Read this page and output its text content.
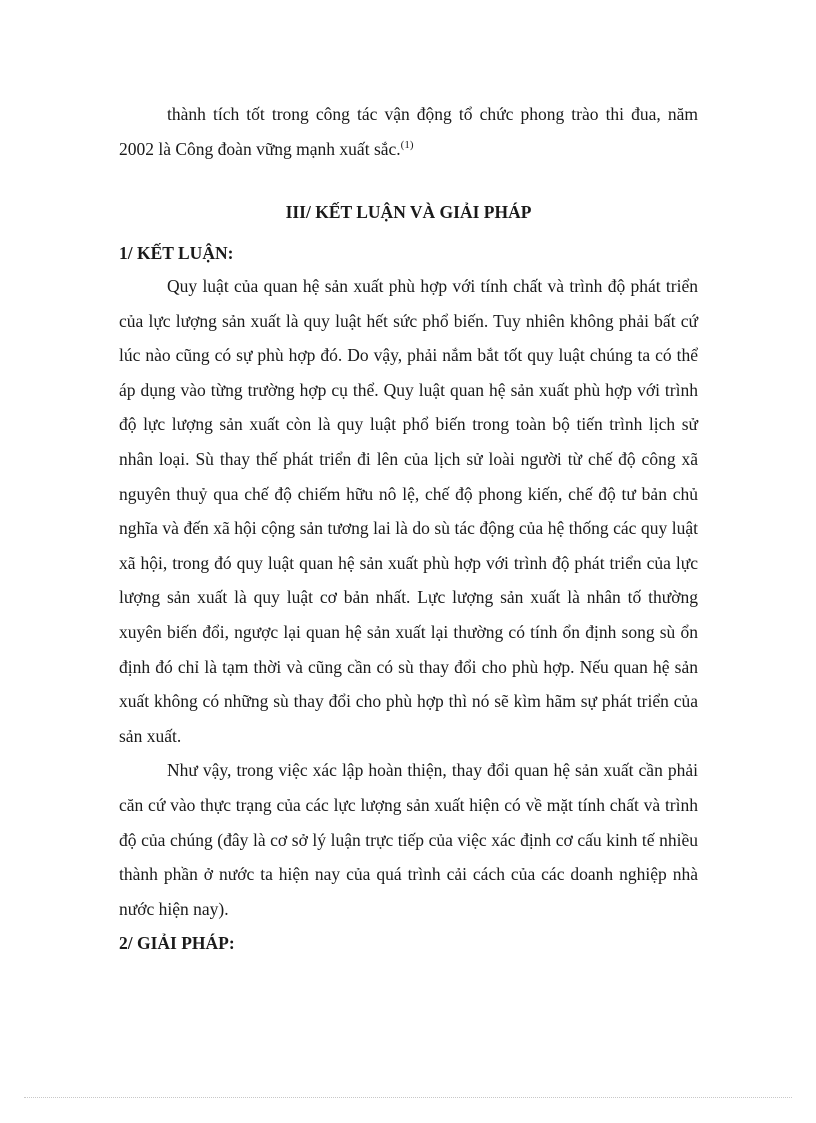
thành tích tốt trong công tác vận động tổ chức phong trào thi đua, năm 2002 là Công đoàn vững mạnh xuất sắc.$^{(1)}$

III/ KẾT LUẬN VÀ GIẢI PHÁP
1/ KẾT LUẬN:

Quy luật của quan hệ sản xuất phù hợp với tính chất và trình độ phát triển của lực lượng sản xuất là quy luật hết sức phổ biến. Tuy nhiên không phải bất cứ lúc nào cũng có sự phù hợp đó. Do vậy, phải nắm bắt tốt quy luật chúng ta có thể áp dụng vào từng trường hợp cụ thể. Quy luật quan hệ sản xuất phù hợp với trình độ lực lượng sản xuất còn là quy luật phổ biến trong toàn bộ tiến trình lịch sử nhân loại. Sù thay thế phát triển đi lên của lịch sử loài người từ chế độ công xã nguyên thuỷ qua chế độ chiếm hữu nô lệ, chế độ phong kiến, chế độ tư bản chủ nghĩa và đến xã hội cộng sản tương lai là do sù tác động của hệ thống các quy luật xã hội, trong đó quy luật quan hệ sản xuất phù hợp với trình độ phát triển của lực lượng sản xuất là quy luật cơ bản nhất. Lực lượng sản xuất là nhân tố thường xuyên biến đổi, ngược lại quan hệ sản xuất lại thường có tính ổn định song sù ổn định đó chỉ là tạm thời và cũng cần có sù thay đổi cho phù hợp. Nếu quan hệ sản xuất không có những sù thay đổi cho phù hợp thì nó sẽ kìm hãm sự phát triển của sản xuất.

Như vậy, trong việc xác lập hoàn thiện, thay đổi quan hệ sản xuất cần phải căn cứ vào thực trạng của các lực lượng sản xuất hiện có về mặt tính chất và trình độ của chúng (đây là cơ sở lý luận trực tiếp của việc xác định cơ cấu kinh tế nhiều thành phần ở nước ta hiện nay của quá trình cải cách của các doanh nghiệp nhà nước hiện nay).

2/ GIẢI PHÁP:
